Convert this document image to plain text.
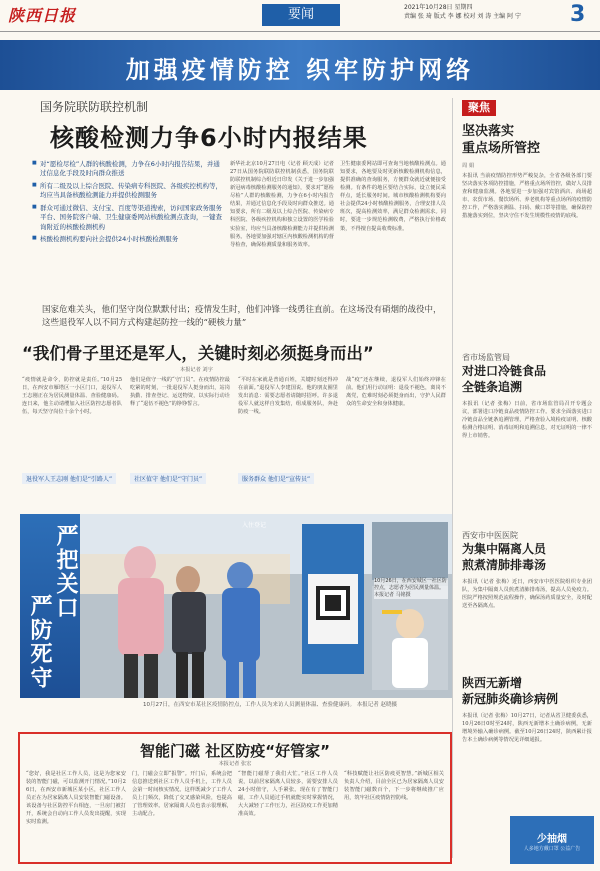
陕西日报	要闻	2021年10月28日 星期四
责编 张 琦 版式 李 娜 校对 刘 涛 主编 阿 宁	3
加强疫情防控 织牢防护网络
国务院联防联控机制
核酸检测力争6小时内报结果
■ 对“愿检尽检”人群的核酸检测，力争在6小时内报告结果，并通过信息化手段及时向群众推送
■ 所有二级及以上综合医院、传染病专科医院、各级疾控机构等，均应当具备核酸检测能力并提供检测服务
■ 群众可通过微信、支付宝、百度等渠道搜索，访问国家政务服务平台、国务院客户端、卫生健康委网站核酸检测点查询，一键查询附近的核酸检测机构
■ 核酸检测机构要向社会提供24小时核酸检测服务
新华社北京10月27日电（记者 顾天成）记者27日从国务院联防联控机制获悉，国务院联防联控机制综合组近日印发《关于进一步加强新冠病毒核酸检测服务的通知》，要求对“愿检尽检”人群的核酸检测，力争在6小时内报告结果，并通过信息化手段及时向群众推送。通知要求，所有二级及以上综合医院、传染病专科医院、各级疾控机构和独立设置的医学检验实验室，均应当具备核酸检测能力并提供检测服务。各地要加强对辖区内核酸检测机构的督导检查，确保检测质量和服务效率。
卫生健康委网站即可查询当地核酸检测点。通知要求，各地要及时更新核酸检测机构信息，提供准确的查询服务，方便群众就近就便接受检测。有条件的地区要结合实际，设立便民采样点，延长服务时间。城市核酸检测机构要向社会提供24小时核酸检测服务，合理安排人员班次，提高检测效率，满足群众检测需求。同时，要进一步规范检测收费，严格执行价格政策，不得擅自提高收费标准。
聚焦
坚决落实
重点场所管控
周 娟
本报讯 当前疫情防控形势严峻复杂，全省各级各部门要坚决落实各项防控措施，严格重点场所管控，做好人员排查和健康监测。各地要进一步加强对宾馆酒店、商场超市、农贸市场、餐饮场所、养老机构等重点场所的疫情防控工作，严格落实测温、扫码、戴口罩等措施，确保防控措施落实到位，坚决守住不发生规模性疫情的底线。
省市场监管局
对进口冷链食品
全链条追溯
本报讯（记者 张梅）日前，省市场监管局召开专题会议，部署进口冷链食品疫情防控工作。要求全面落实进口冷链食品全链条追溯管理，严格查验入境检疫证明、核酸检测合格证明、消毒证明和追溯信息，对无证明的一律不得上市销售。
西安市中医医院
为集中隔离人员
煎煮清肺排毒汤
本报讯（记者 张梅）近日，西安市中医医院组织专业团队，为集中隔离人员煎煮清肺排毒汤，提高人员免疫力。医院严格按照规范流程操作，确保汤药质量安全，及时配送至各隔离点。
陕西无新增
新冠肺炎确诊病例
本报讯（记者 张梅）10月27日，记者从省卫健委获悉，10月26日0时至24时，陕西无新增本土确诊病例，无新增境外输入确诊病例。截至10月26日24时，陕西累计报告本土确诊病例等情况见详细通报。
少抽烟
人多地方戴口罩 公益广告
国家危难关头，他们坚守岗位默默付出；疫情发生时，他们冲锋一线勇往直前。在这场没有硝烟的战役中，这些退役军人以不同方式构建起防控一线的“硬核力量”
“我们骨子里还是军人，关键时刻必须挺身而出”
本报记者 刘宇
“疫情就是命令，防控就是责任。”10月25日，在西安市雁塔区一小区门口，退役军人王志刚正在为居民测量体温、查验健康码。连日来，他主动请缨加入社区防控志愿者队伍，每天坚守岗位十余个小时。
退役军人王志刚 他们是“引路人”
他们是值守一线的“守门员”。在疫情防控最吃紧的时刻，一批退役军人挺身而出，站岗执勤、排查登记、运送物资，以实际行动诠释了“退伍不褪色”的铮铮誓言。
社区值守 他们是“守门员”
“平时在家就是普通百姓，关键时刻还得冲在前面。”退役军人李建国说。他的朋友圈里发出消息：需要志愿者请随时招呼。许多退役军人就这样自发集结，组成服务队，奔赴防疫一线。
服务群众 他们是“宣传员”
战“疫”还在继续，退役军人们始终冲锋在前。他们用行动证明：退役不褪色，离岗不离党，危难时刻必须挺身而出，守护人民群众的生命安全和身体健康。
严把关口
严防死守
入住登记
10月26日，在西安城区一社区防控点，志愿者为居民测量体温。 本报记者 马铭摄
10月27日，在西安市某社区疫情防控点，工作人员为来访人员测量体温、查验健康码。 本报记者 赵晓摄
智能门磁 社区防疫“好管家”
本报记者 张宏
“您好，我是社区工作人员，这是为您家安装的智能门磁，可以监测开门情况。”10月26日，在西安市新城区某小区，社区工作人员正在为居家隔离人员安装智能门磁设备。该设备与社区防控平台相连，一旦房门被打开，系统会自动向工作人员发出提醒，实现实时监测。
门，门磁会立即“报警”。开门后，系统会把信息推送到社区工作人员手机上，工作人员会第一时间核实情况。这样既减少了工作人员上门频次，降低了交叉感染风险，也提高了管理效率。居家隔离人员也表示很理解，主动配合。
“智能门磁帮了我们大忙。”社区工作人员说，以前居家隔离人员较多，需要安排人员24小时值守，人手紧张。现在有了智能门磁，工作人员通过手机就能实时掌握情况，大大减轻了工作压力，社区防疫工作更加精准高效。
“科技赋能让社区防疫更智慧。”新城区相关负责人介绍，目前全区已为居家隔离人员安装智能门磁数百个，下一步将继续推广应用，筑牢社区疫情防控防线。
